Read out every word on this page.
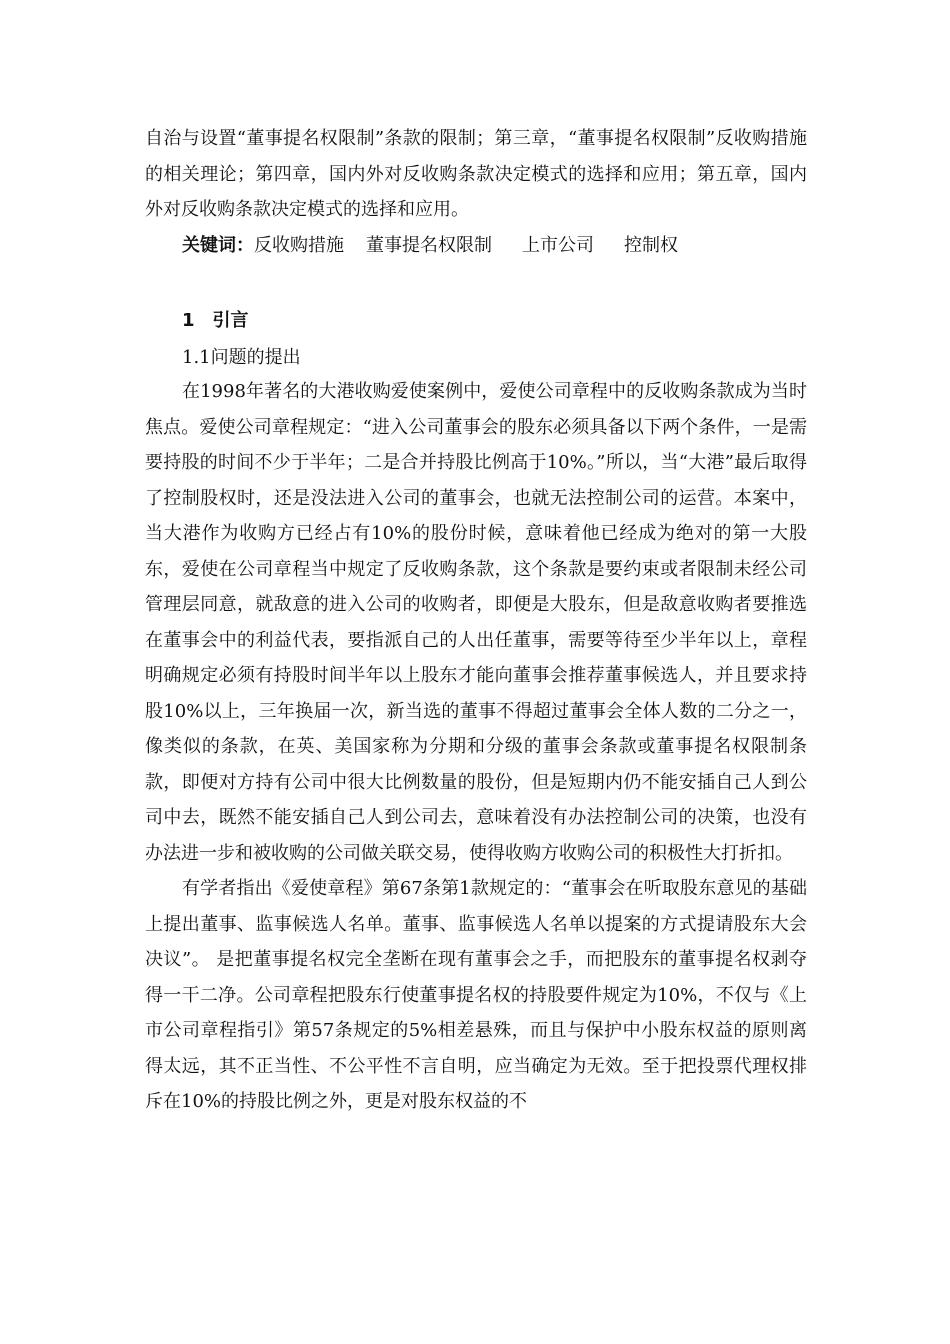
自治与设置“董事提名权限制”条款的限制；第三章，“董事提名权限制”反收购措施的相关理论；第四章，国内外对反收购条款决定模式的选择和应用；第五章，国内外对反收购条款决定模式的选择和应用。

关键词：反收购措施 董事提名权限制 上市公司 控制权
1 引言
1.1问题的提出

在1998年著名的大港收购爱使案例中，爱使公司章程中的反收购条款成为当时焦点。爱使公司章程规定：“进入公司董事会的股东必须具备以下两个条件，一是需要持股的时间不少于半年；二是合并持股比例高于10%。”所以，当“大港”最后取得了控制股权时，还是没法进入公司的董事会，也就无法控制公司的运营。本案中，当大港作为收购方已经占有10%的股份时候，意味着他已经成为绝对的第一大股东，爱使在公司章程当中规定了反收购条款，这个条款是要约束或者限制未经公司管理层同意，就敌意的进入公司的收购者，即便是大股东，但是敌意收购者要推选在董事会中的利益代表，要指派自己的人出任董事，需要等待至少半年以上，章程明确规定必须有持股时间半年以上股东才能向董事会推荐董事候选人，并且要求持股10%以上，三年换届一次，新当选的董事不得超过董事会全体人数的二分之一，像类似的条款，在英、美国家称为分期和分级的董事会条款或董事提名权限制条款，即便对方持有公司中很大比例数量的股份，但是短期内仍不能安插自己人到公司中去，既然不能安插自己人到公司去，意味着没有办法控制公司的决策，也没有办法进一步和被收购的公司做关联交易，使得收购方收购公司的积极性大打折扣。

有学者指出《爱使章程》第67条第1款规定的：“董事会在听取股东意见的基础上提出董事、监事候选人名单。董事、监事候选人名单以提案的方式提请股东大会决议”。 是把董事提名权完全垄断在现有董事会之手，而把股东的董事提名权剥夺得一干二净。公司章程把股东行使董事提名权的持股要件规定为10%，不仅与《上市公司章程指引》第57条规定的5%相差悬殊，而且与保护中小股东权益的原则离得太远，其不正当性、不公平性不言自明，应当确定为无效。至于把投票代理权排斥在10%的持股比例之外，更是对股东权益的不
